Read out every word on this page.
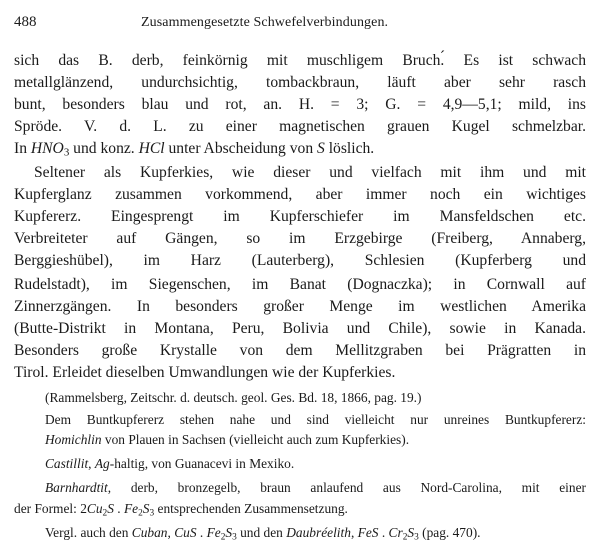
488	Zusammengesetzte Schwefelverbindungen.
sich das B. derb, feinkörnig mit muschligem Bruch.́ Es ist schwach
metallglänzend, undurchsichtig, tombackbraun, läuft aber sehr rasch
bunt, besonders blau und rot, an. H. = 3; G. = 4,9—5,1; mild, ins
Spröde. V. d. L. zu einer magnetischen grauen Kugel schmelzbar.
In $HNO_3$ und konz. HCl unter Abscheidung von S löslich.
Seltener als Kupferkies, wie dieser und vielfach mit ihm und mit
Kupferglanz zusammen vorkommend, aber immer noch ein wichtiges
Kupfererz. Eingesprengt im Kupferschiefer im Mansfeldschen etc.
Verbreiteter auf Gängen, so im Erzgebirge (Freiberg, Annaberg,
Berggieshübel), im Harz (Lauterberg), Schlesien (Kupferberg und
Rudelstadt), im Siegenschen, im Banat (Dognaczka); in Cornwall auf
Zinnerzgängen. In besonders großer Menge im westlichen Amerika
(Butte-Distrikt in Montana, Peru, Bolivia und Chile), sowie in Kanada.
Besonders große Krystalle von dem Mellitzgraben bei Prägratten in
Tirol. Erleidet dieselben Umwandlungen wie der Kupferkies.
(Rammelsberg, Zeitschr. d. deutsch. geol. Ges. Bd. 18, 1866, pag. 19.)
Dem Buntkupfererz stehen nahe und sind vielleicht nur unreines Buntkupfererz:
Homichlin von Plauen in Sachsen (vielleicht auch zum Kupferkies).
Castillit, Ag-haltig, von Guanacevi in Mexiko.
Barnhardtit, derb, bronzegelb, braun anlaufend aus Nord-Carolina, mit einer
der Formel: $2Cu_2S$ . $Fe_2S_3$ entsprechenden Zusammensetzung.
Vergl. auch den Cuban, CuS . $Fe_2S_3$ und den Daubréelith, FeS . $Cr_2S_3$ (pag. 470).
